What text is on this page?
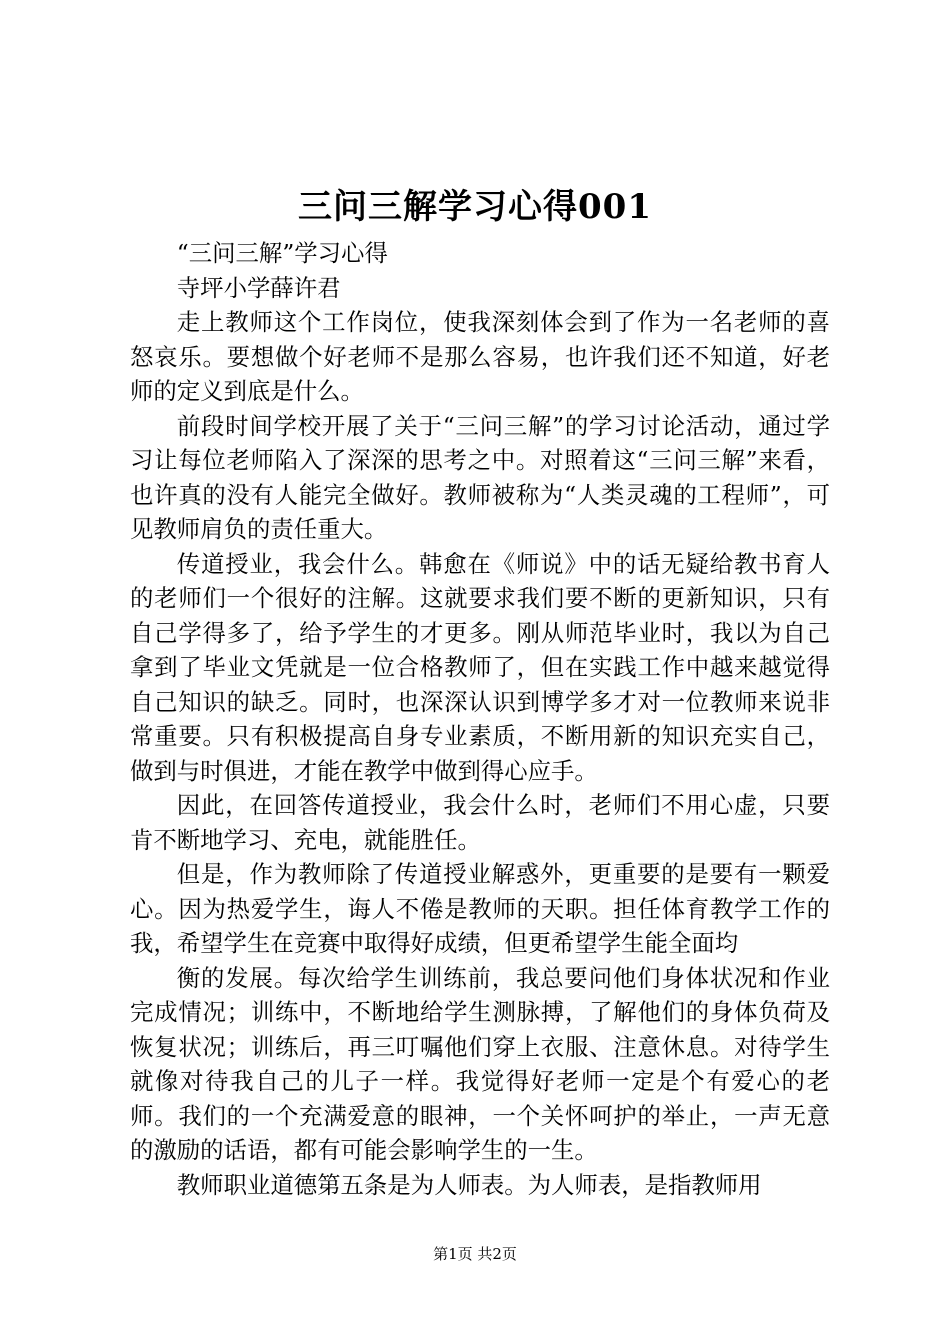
三问三解学习心得001

“三问三解”学习心得

寺坪小学薛许君

走上教师这个工作岗位，使我深刻体会到了作为一名老师的喜怒哀乐。要想做个好老师不是那么容易，也许我们还不知道，好老师的定义到底是什么。

前段时间学校开展了关于“三问三解”的学习讨论活动，通过学习让每位老师陷入了深深的思考之中。对照着这“三问三解”来看，也许真的没有人能完全做好。教师被称为“人类灵魂的工程师”，可见教师肩负的责任重大。

传道授业，我会什么。韩愈在《师说》中的话无疑给教书育人的老师们一个很好的注解。这就要求我们要不断的更新知识，只有自己学得多了，给予学生的才更多。刚从师范毕业时，我以为自己拿到了毕业文凭就是一位合格教师了，但在实践工作中越来越觉得自己知识的缺乏。同时，也深深认识到博学多才对一位教师来说非常重要。只有积极提高自身专业素质，不断用新的知识充实自己，做到与时俱进，才能在教学中做到得心应手。

因此，在回答传道授业，我会什么时，老师们不用心虚，只要肯不断地学习、充电，就能胜任。

但是，作为教师除了传道授业解惑外，更重要的是要有一颗爱心。因为热爱学生，诲人不倦是教师的天职。担任体育教学工作的我，希望学生在竞赛中取得好成绩，但更希望学生能全面均

衡的发展。每次给学生训练前，我总要问他们身体状况和作业完成情况；训练中，不断地给学生测脉搏，了解他们的身体负荷及恢复状况；训练后，再三叮嘱他们穿上衣服、注意休息。对待学生就像对待我自己的儿子一样。我觉得好老师一定是个有爱心的老师。我们的一个充满爱意的眼神，一个关怀呵护的举止，一声无意的激励的话语，都有可能会影响学生的一生。

教师职业道德第五条是为人师表。为人师表，是指教师用

第1页 共2页
